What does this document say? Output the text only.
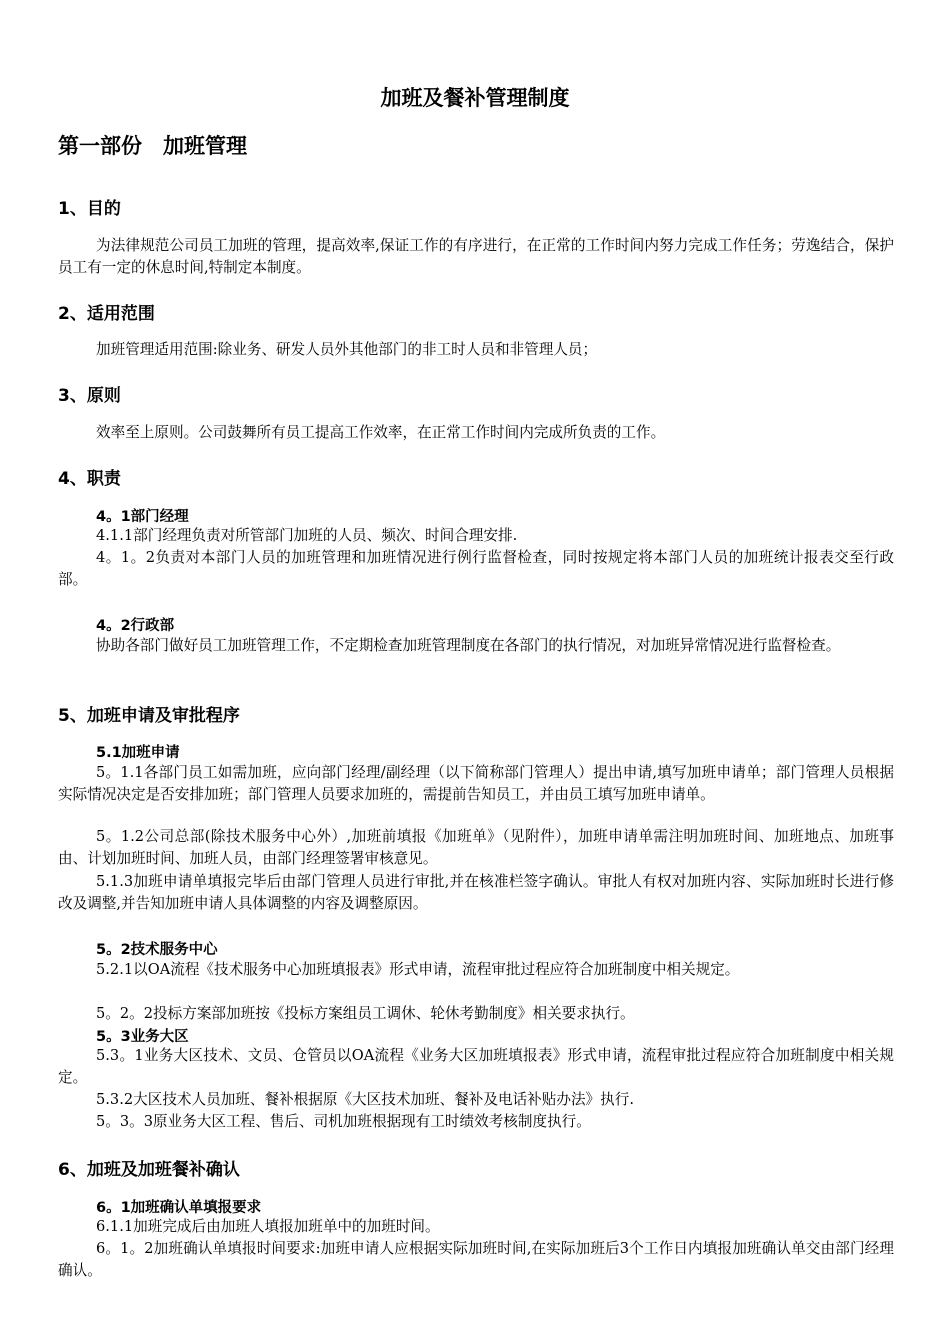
加班及餐补管理制度
第一部份　加班管理
1、目的
为法律规范公司员工加班的管理，提高效率,保证工作的有序进行，在正常的工作时间内努力完成工作任务；劳逸结合，保护员工有一定的休息时间,特制定本制度。
2、适用范围
加班管理适用范围:除业务、研发人员外其他部门的非工时人员和非管理人员；
3、原则
效率至上原则。公司鼓舞所有员工提高工作效率，在正常工作时间内完成所负责的工作。
4、职责
4。1部门经理
4.1.1部门经理负责对所管部门加班的人员、频次、时间合理安排.
4。1。2负责对本部门人员的加班管理和加班情况进行例行监督检查，同时按规定将本部门人员的加班统计报表交至行政部。
4。2行政部
协助各部门做好员工加班管理工作，不定期检查加班管理制度在各部门的执行情况，对加班异常情况进行监督检查。
5、加班申请及审批程序
5.1加班申请
5。1.1各部门员工如需加班，应向部门经理/副经理（以下简称部门管理人）提出申请,填写加班申请单；部门管理人员根据实际情况决定是否安排加班；部门管理人员要求加班的，需提前告知员工，并由员工填写加班申请单。
5。1.2公司总部(除技术服务中心外）,加班前填报《加班单》（见附件），加班申请单需注明加班时间、加班地点、加班事由、计划加班时间、加班人员，由部门经理签署审核意见。
5.1.3加班申请单填报完毕后由部门管理人员进行审批,并在核准栏签字确认。审批人有权对加班内容、实际加班时长进行修改及调整,并告知加班申请人具体调整的内容及调整原因。
5。2技术服务中心
5.2.1以OA流程《技术服务中心加班填报表》形式申请，流程审批过程应符合加班制度中相关规定。
5。2。2投标方案部加班按《投标方案组员工调休、轮休考勤制度》相关要求执行。
5。3业务大区
5.3。1业务大区技术、文员、仓管员以OA流程《业务大区加班填报表》形式申请，流程审批过程应符合加班制度中相关规定。
5.3.2大区技术人员加班、餐补根据原《大区技术加班、餐补及电话补贴办法》执行.
5。3。3原业务大区工程、售后、司机加班根据现有工时绩效考核制度执行。
6、加班及加班餐补确认
6。1加班确认单填报要求
6.1.1加班完成后由加班人填报加班单中的加班时间。
6。1。2加班确认单填报时间要求:加班申请人应根据实际加班时间,在实际加班后3个工作日内填报加班确认单交由部门经理确认。
